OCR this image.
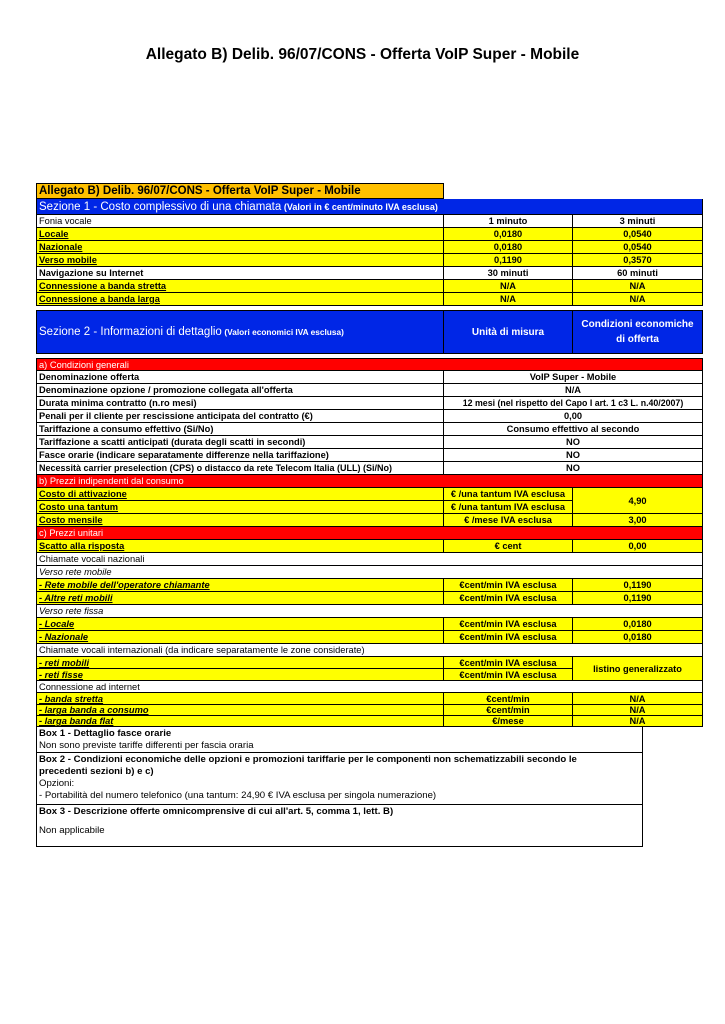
Allegato B) Delib. 96/07/CONS - Offerta VoIP Super - Mobile
Allegato B) Delib. 96/07/CONS - Offerta VoIP Super - Mobile
Sezione 1 - Costo complessivo di una chiamata
(Valori in € cent/minuto IVA esclusa)
Fonia vocale	1 minuto	3 minuti
Locale	0,0180	0,0540
Nazionale	0,0180	0,0540
Verso mobile	0,1190	0,3570
Navigazione su Internet	30 minuti	60 minuti
Connessione a banda stretta	N/A	N/A
Connessione a banda larga	N/A	N/A
Sezione 2 - Informazioni di dettaglio
(Valori economici IVA esclusa)	Unità di misura
Condizioni economiche
di offerta
a) Condizioni generali
Denominazione offerta	VoIP Super - Mobile
Denominazione opzione / promozione collegata all'offerta	N/A
Durata minima contratto (n.ro mesi)	12 mesi (nel rispetto del Capo I art. 1 c3 L. n.40/2007)
Penali per il cliente per rescissione anticipata del contratto (€)	0,00
Tariffazione a consumo effettivo (Si/No)	Consumo effettivo al secondo
Tariffazione a scatti anticipati (durata degli scatti in secondi)	NO
Fasce orarie (indicare separatamente differenze nella tariffazione)	NO
Necessità carrier preselection (CPS) o distacco da rete Telecom Italia (ULL) (Si/No)	NO
b) Prezzi indipendenti dal consumo
Costo di attivazione	€ /una tantum IVA esclusa
Costo una tantum	€ /una tantum IVA esclusa
4,90
Costo mensile	€ /mese IVA esclusa	3,00
c) Prezzi unitari
Scatto alla risposta	€ cent	0,00
Chiamate vocali nazionali
Verso rete mobile
- Rete mobile dell'operatore chiamante	€cent/min IVA esclusa	0,1190
- Altre reti mobili	€cent/min IVA esclusa	0,1190
Verso rete fissa
- Locale	€cent/min IVA esclusa	0,0180
- Nazionale	€cent/min IVA esclusa	0,0180
Chiamate vocali internazionali (da indicare separatamente le zone considerate)
- reti mobili	€cent/min IVA esclusa
- reti fisse	€cent/min IVA esclusa
listino generalizzato
Connessione ad internet
- banda stretta	€cent/min	N/A
- larga banda a consumo	€cent/min	N/A
- larga banda flat	€/mese	N/A
Box 1 - Dettaglio fasce orarie
Non sono previste tariffe differenti per fascia oraria
Box 2 - Condizioni economiche delle opzioni e promozioni tariffarie per le componenti non schematizzabili secondo le
precedenti sezioni b) e c)
Opzioni:
- Portabilità del numero telefonico (una tantum: 24,90 € IVA esclusa per singola numerazione)
Box 3 - Descrizione offerte omnicomprensive di cui all'art. 5, comma 1, lett. B)
Non applicabile
